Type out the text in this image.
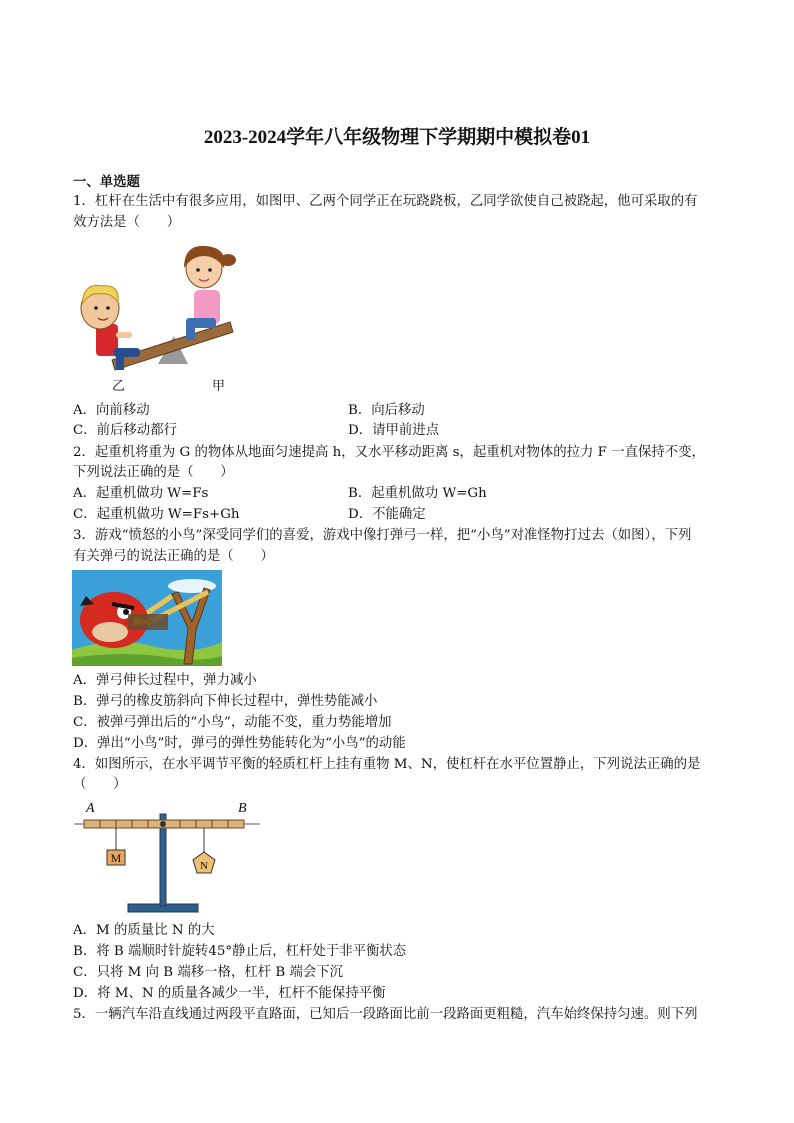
2023-2024学年八年级物理下学期期中模拟卷01
一、单选题
1．杠杆在生活中有很多应用，如图甲、乙两个同学正在玩跷跷板，乙同学欲使自己被跷起，他可采取的有
效方法是（　　）
乙	甲
A．向前移动	B．向后移动
C．前后移动都行	D．请甲前进点
2．起重机将重为 G 的物体从地面匀速提高 h，又水平移动距离 s，起重机对物体的拉力 F 一直保持不变，
下列说法正确的是（　　）
A．起重机做功 W=Fs	B．起重机做功 W=Gh
C．起重机做功 W=Fs+Gh	D．不能确定
3．游戏“愤怒的小鸟”深受同学们的喜爱，游戏中像打弹弓一样，把“小鸟”对准怪物打过去（如图），下列
有关弹弓的说法正确的是（　　）
A．弹弓伸长过程中，弹力减小
B．弹弓的橡皮筋斜向下伸长过程中，弹性势能减小
C．被弹弓弹出后的“小鸟”，动能不变，重力势能增加
D．弹出“小鸟”时，弹弓的弹性势能转化为“小鸟”的动能
4．如图所示，在水平调节平衡的轻质杠杆上挂有重物 M、N，使杠杆在水平位置静止，下列说法正确的是
（　　）
M
N
A	B
A．M 的质量比 N 的大
B．将 B 端顺时针旋转45°静止后，杠杆处于非平衡状态
C．只将 M 向 B 端移一格，杠杆 B 端会下沉
D．将 M、N 的质量各减少一半，杠杆不能保持平衡
5．一辆汽车沿直线通过两段平直路面，已知后一段路面比前一段路面更粗糙，汽车始终保持匀速。则下列
